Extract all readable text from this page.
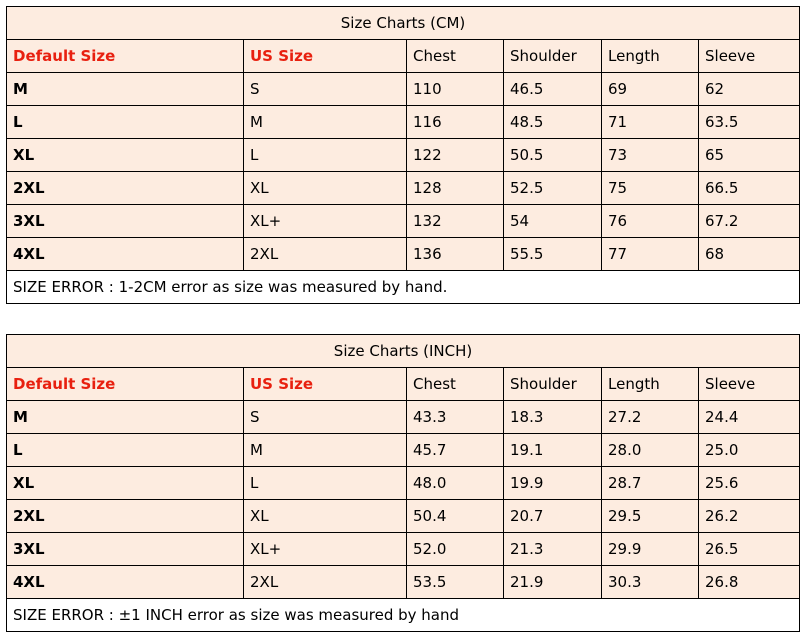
Size Charts (CM)					
Default Size	US Size	Chest	Shoulder	Length	Sleeve
M	S	110	46.5	69	62
L	M	116	48.5	71	63.5
XL	L	122	50.5	73	65
2XL	XL	128	52.5	75	66.5
3XL	XL+	132	54	76	67.2
4XL	2XL	136	55.5	77	68
SIZE ERROR : 1-2CM error as size was measured by hand.					
Size Charts (INCH)					
Default Size	US Size	Chest	Shoulder	Length	Sleeve
M	S	43.3	18.3	27.2	24.4
L	M	45.7	19.1	28.0	25.0
XL	L	48.0	19.9	28.7	25.6
2XL	XL	50.4	20.7	29.5	26.2
3XL	XL+	52.0	21.3	29.9	26.5
4XL	2XL	53.5	21.9	30.3	26.8
SIZE ERROR : ±1 INCH error as size was measured by hand					
